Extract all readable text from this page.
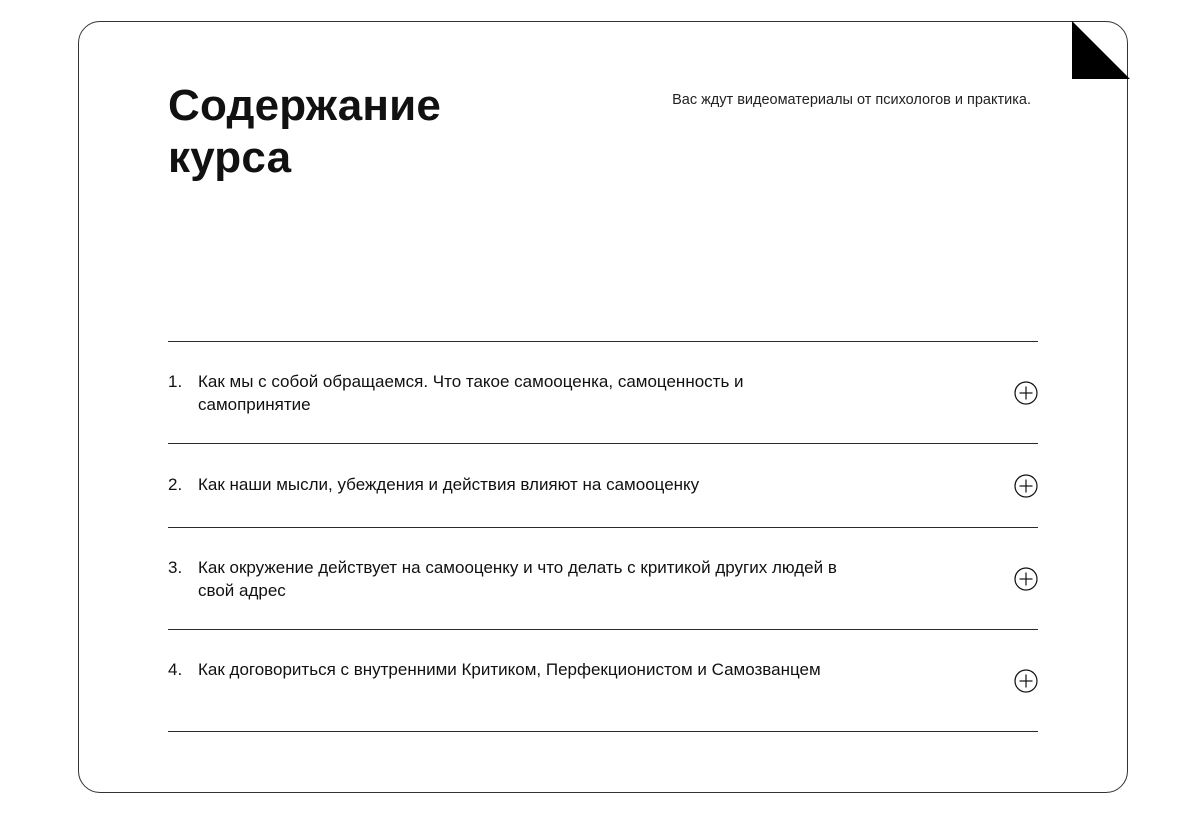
Содержание курса

Вас ждут видеоматериалы от психологов и практика.

1. Как мы с собой обращаемся. Что такое самооценка, самоценность и самопринятие
2. Как наши мысли, убеждения и действия влияют на самооценку
3. Как окружение действует на самооценку и что делать с критикой других людей в свой адрес
4. Как договориться с внутренними Критиком, Перфекционистом и Самозванцем
